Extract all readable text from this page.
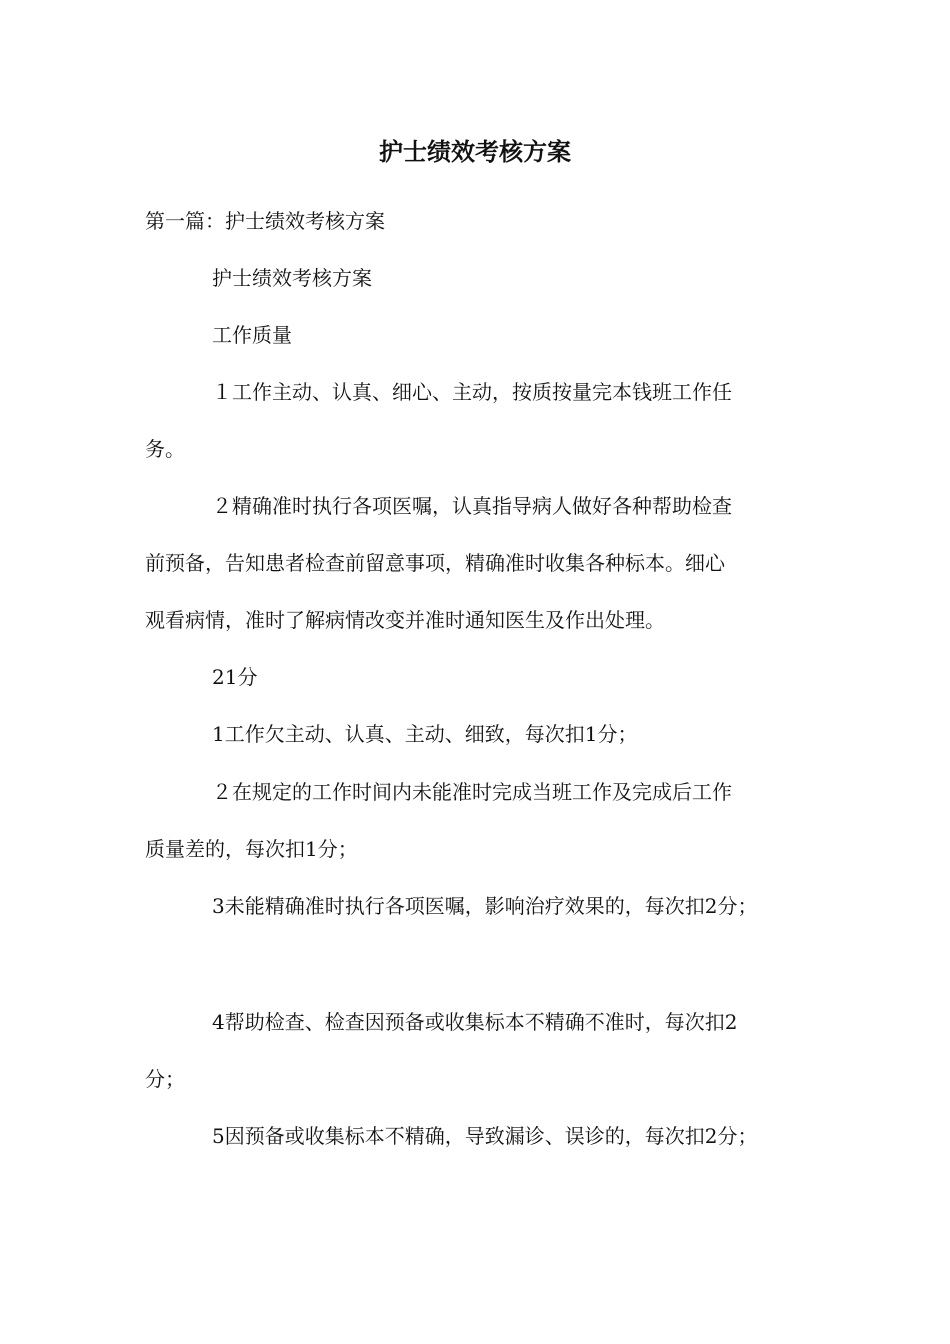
护士绩效考核方案

第一篇：护士绩效考核方案

护士绩效考核方案

工作质量

１工作主动、认真、细心、主动，按质按量完本钱班工作任

务。

２精确准时执行各项医嘱，认真指导病人做好各种帮助检查

前预备，告知患者检查前留意事项，精确准时收集各种标本。细心

观看病情，准时了解病情改变并准时通知医生及作出处理。

21分

1工作欠主动、认真、主动、细致，每次扣1分；

２在规定的工作时间内未能准时完成当班工作及完成后工作

质量差的，每次扣1分；

3未能精确准时执行各项医嘱，影响治疗效果的，每次扣2分；

4帮助检查、检查因预备或收集标本不精确不准时，每次扣2

分；

5因预备或收集标本不精确，导致漏诊、误诊的，每次扣2分；
